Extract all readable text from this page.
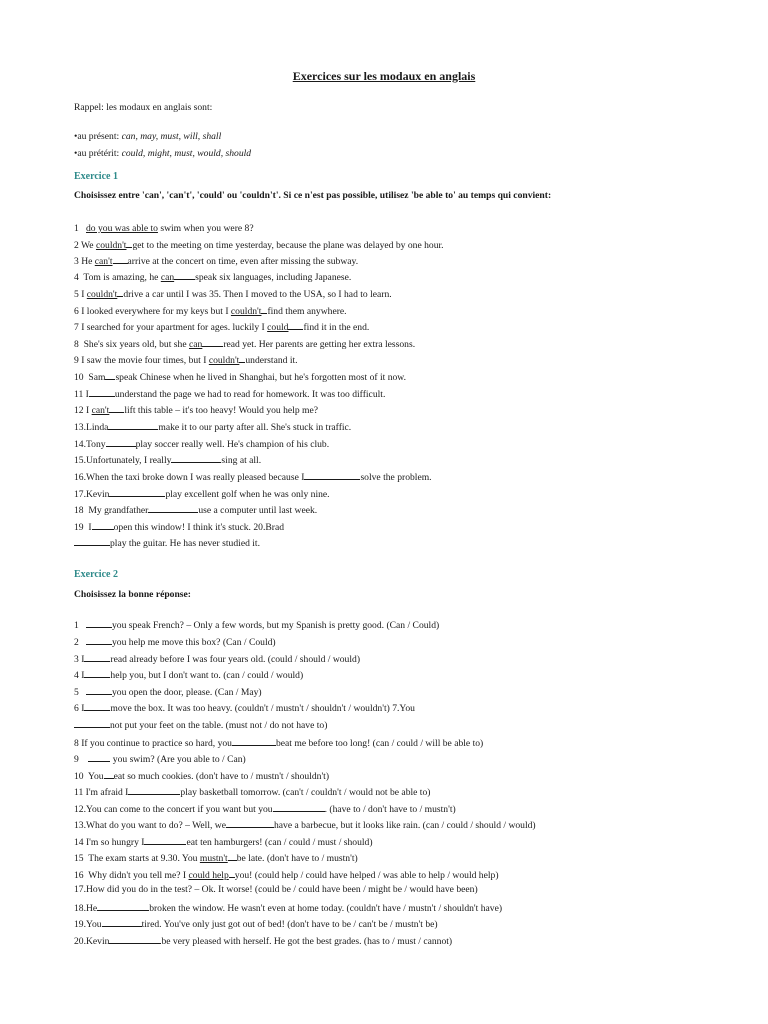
Exercices sur les modaux en anglais
Rappel: les modaux en anglais sont:
•au présent: can, may, must, will, shall
•au prétérit: could, might, must, would, should
Exercice 1
Choisissez entre 'can', 'can't', 'could' ou 'couldn't'. Si ce n'est pas possible, utilisez 'be able to' au temps qui convient:
1   do you was able to swim when you were 8?
2 We couldn't get to the meeting on time yesterday, because the plane was delayed by one hour.
3 He can't arrive at the concert on time, even after missing the subway.
4  Tom is amazing, he can speak six languages, including Japanese.
5 I couldn't drive a car until I was 35. Then I moved to the USA, so I had to learn.
6 I looked everywhere for my keys but I couldn't find them anywhere.
7 I searched for your apartment for ages. luckily I could find it in the end.
8  She's six years old, but she can read yet. Her parents are getting her extra lessons.
9 I saw the movie four times, but I couldn't understand it.
10  Sam speak Chinese when he lived in Shanghai, but he's forgotten most of it now.
11 I	understand the page we had to read for homework. It was too difficult.
12 I can't lift this table – it's too heavy! Would you help me?
13.Linda	make it to our party after all. She's stuck in traffic.
14.Tony	play soccer really well. He's champion of his club.
15.Unfortunately, I really	sing at all.
16.When the taxi broke down I was really pleased because I	solve the problem.
17.Kevin	play excellent golf when he was only nine.
18  My grandfather	use a computer until last week.
19  I open this window! I think it's stuck. 20.Brad
play the guitar. He has never studied it.
Exercice 2
Choisissez la bonne réponse:
1	you speak French? – Only a few words, but my Spanish is pretty good. (Can / Could)
2	you help me move this box? (Can / Could)
3 I	read already before I was four years old. (could / should / would)
4 I	help you, but I don't want to. (can / could / would)
5	you open the door, please. (Can / May)
6 I	move the box. It was too heavy. (couldn't / mustn't / shouldn't / wouldn't) 7.You
not put your feet on the table. (must not / do not have to)
8 If you continue to practice so hard, you	beat me before too long! (can / could / will be able to)
9     you swim? (Are you able to / Can)
10  You eat so much cookies. (don't have to / mustn't / shouldn't)
11 I'm afraid I	play basketball tomorrow. (can't / couldn't / would not be able to)
12.You can come to the concert if you want but you	. (have to / don't have to / mustn't)
13.What do you want to do? – Well, we	have a barbecue, but it looks like rain. (can / could / should / would)
14 I'm so hungry I	eat ten hamburgers! (can / could / must / should)
15  The exam starts at 9.30. You mustn't be late. (don't have to / mustn't)
16  Why didn't you tell me? I could help you! (could help / could have helped / was able to help / would help)
17.How did you do in the test? – Ok. It worse! (could be / could have been / might be / would have been)
18.He	broken the window. He wasn't even at home today. (couldn't have / mustn't / shouldn't have)
19.You	tired. You've only just got out of bed! (don't have to be / can't be / mustn't be)
20.Kevin	be very pleased with herself. He got the best grades. (has to / must / cannot)
